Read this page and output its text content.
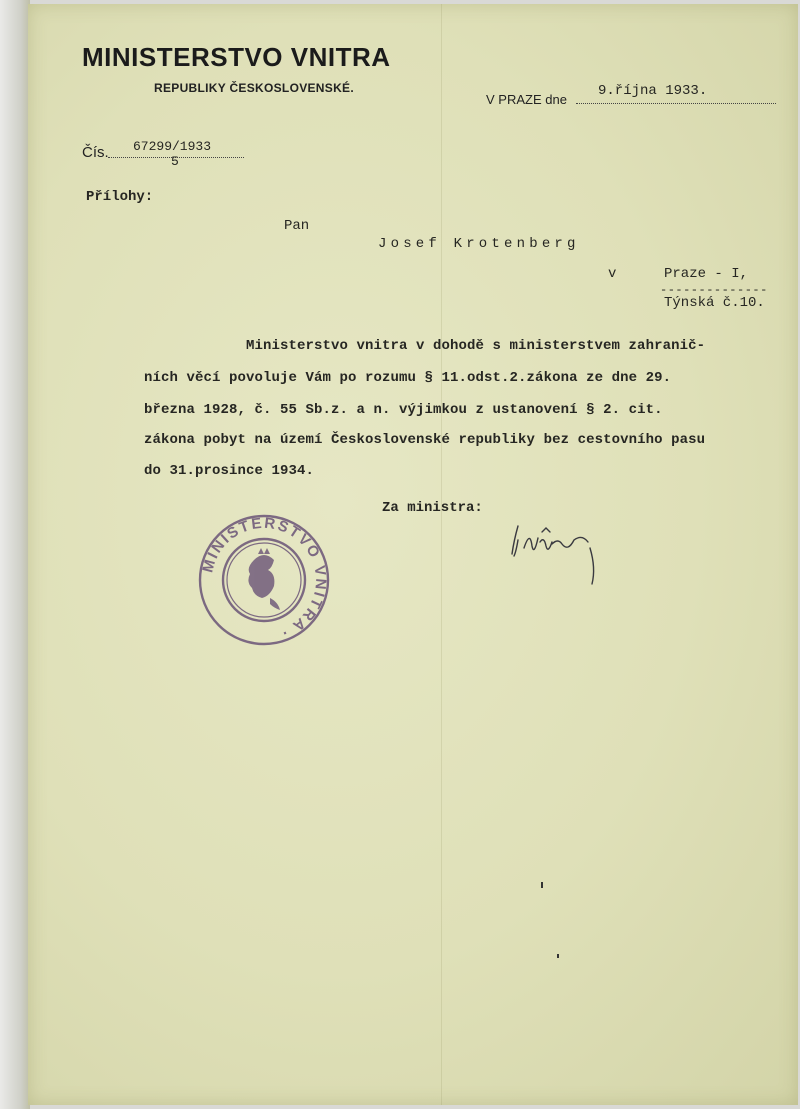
MINISTERSTVO VNITRA
REPUBLIKY ČESKOSLOVENSKÉ.
V PRAZE dne
9.října 1933.
Čís. 67299/1933
5
Přílohy:
Pan
Josef Krotenberg
v	Praze - I,
--------------
Týnská č.10.
Ministerstvo vnitra v dohodě s ministerstvem zahranič-
ních věcí povoluje Vám po rozumu § 11.odst.2.zákona ze dne 29.
března 1928, č. 55 Sb.z. a n. výjimkou z ustanovení § 2. cit.
zákona pobyt na území Československé republiky bez cestovního pasu
do 31.prosince 1934.
Za ministra:
MINISTERSTVO VNITRA ·
